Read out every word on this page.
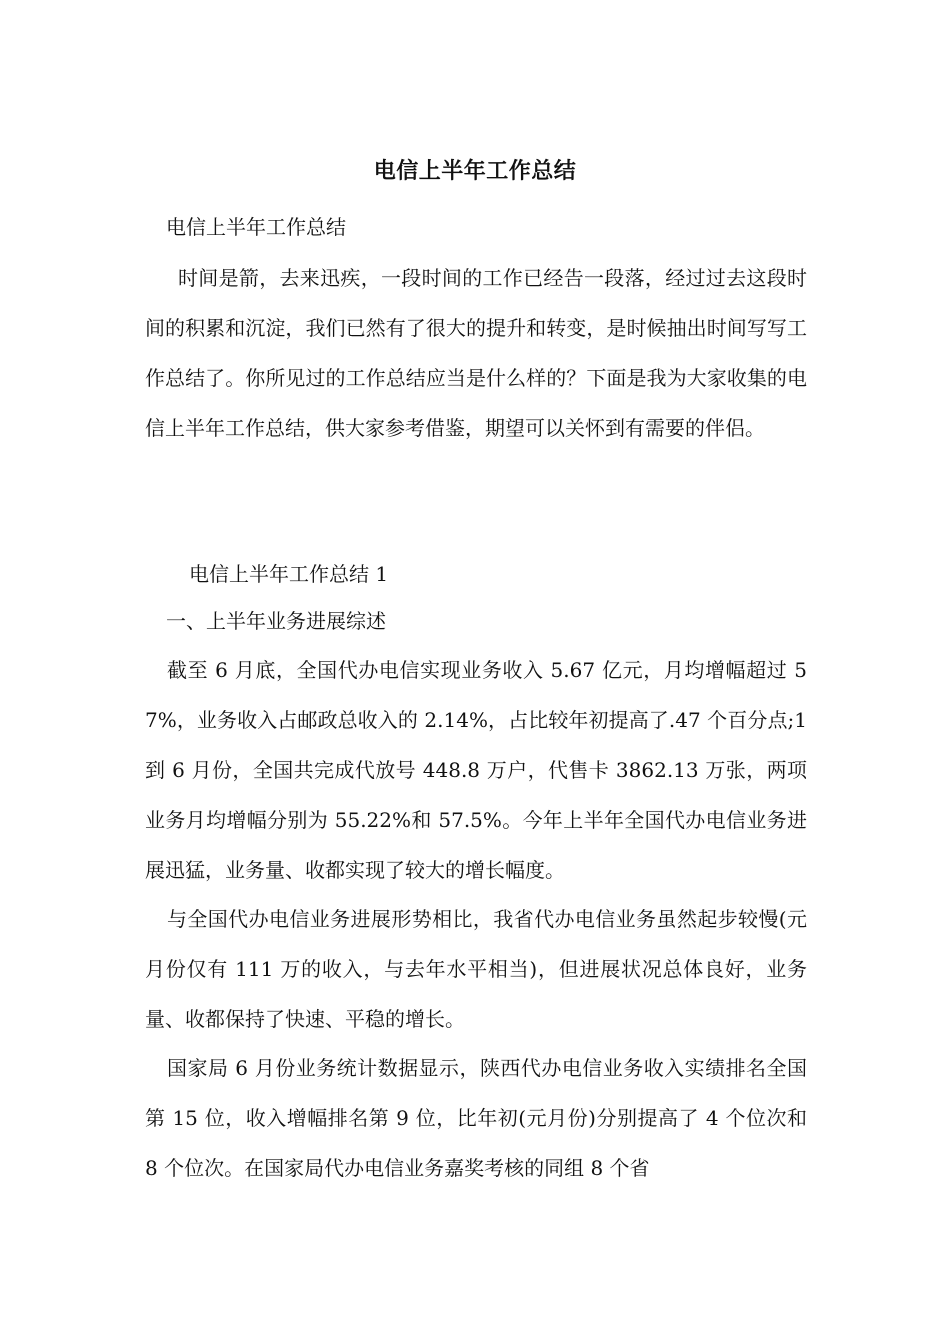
电信上半年工作总结
电信上半年工作总结
时间是箭，去来迅疾，一段时间的工作已经告一段落，经过过去这段时间的积累和沉淀，我们已然有了很大的提升和转变，是时候抽出时间写写工作总结了。你所见过的工作总结应当是什么样的？下面是我为大家收集的电信上半年工作总结，供大家参考借鉴，期望可以关怀到有需要的伴侣。
电信上半年工作总结 1
一、上半年业务进展综述
截至 6 月底，全国代办电信实现业务收入 5.67 亿元，月均增幅超过 57%，业务收入占邮政总收入的 2.14%，占比较年初提高了.47 个百分点;1 到 6 月份，全国共完成代放号 448.8 万户，代售卡 3862.13 万张，两项业务月均增幅分别为 55.22%和 57.5%。今年上半年全国代办电信业务进展迅猛，业务量、收都实现了较大的增长幅度。
与全国代办电信业务进展形势相比，我省代办电信业务虽然起步较慢(元月份仅有 111 万的收入，与去年水平相当)，但进展状况总体良好，业务量、收都保持了快速、平稳的增长。
国家局 6 月份业务统计数据显示，陕西代办电信业务收入实绩排名全国第 15 位，收入增幅排名第 9 位，比年初(元月份)分别提高了 4 个位次和 8 个位次。在国家局代办电信业务嘉奖考核的同组 8 个省
